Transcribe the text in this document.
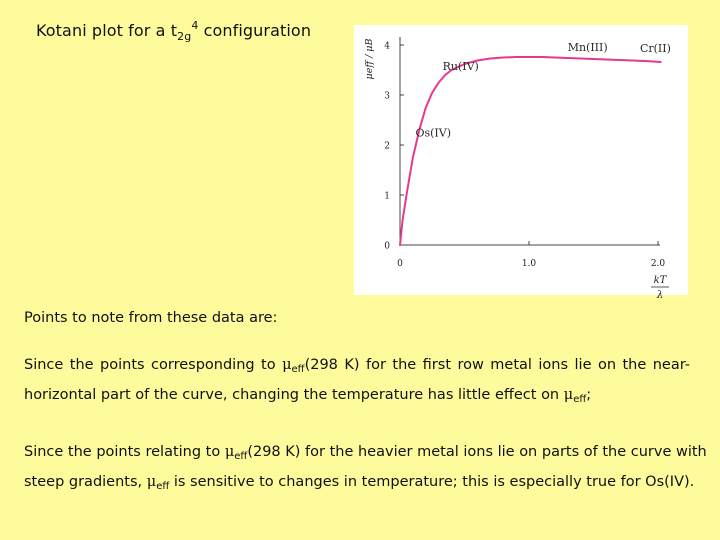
Kotani plot for a $t_{2g}^4$ configuration
0
1
2
3
4
0	1.0	2.0
μeff / μB
kT
λ
Mn(III)	Cr(II)
Ru(IV)
Os(IV)
Points to note from these data are:
Since the points corresponding to $\mu_{eff}(298$ K) for the first row metal ions lie on the near-
horizontal part of the curve, changing the temperature has little effect on $\mu_{eff}$;
Since the points relating to $\mu_{eff}(298$ K) for the heavier metal ions lie on parts of the curve with
steep gradients, $\mu_{eff}$ is sensitive to changes in temperature; this is especially true for Os(IV).
